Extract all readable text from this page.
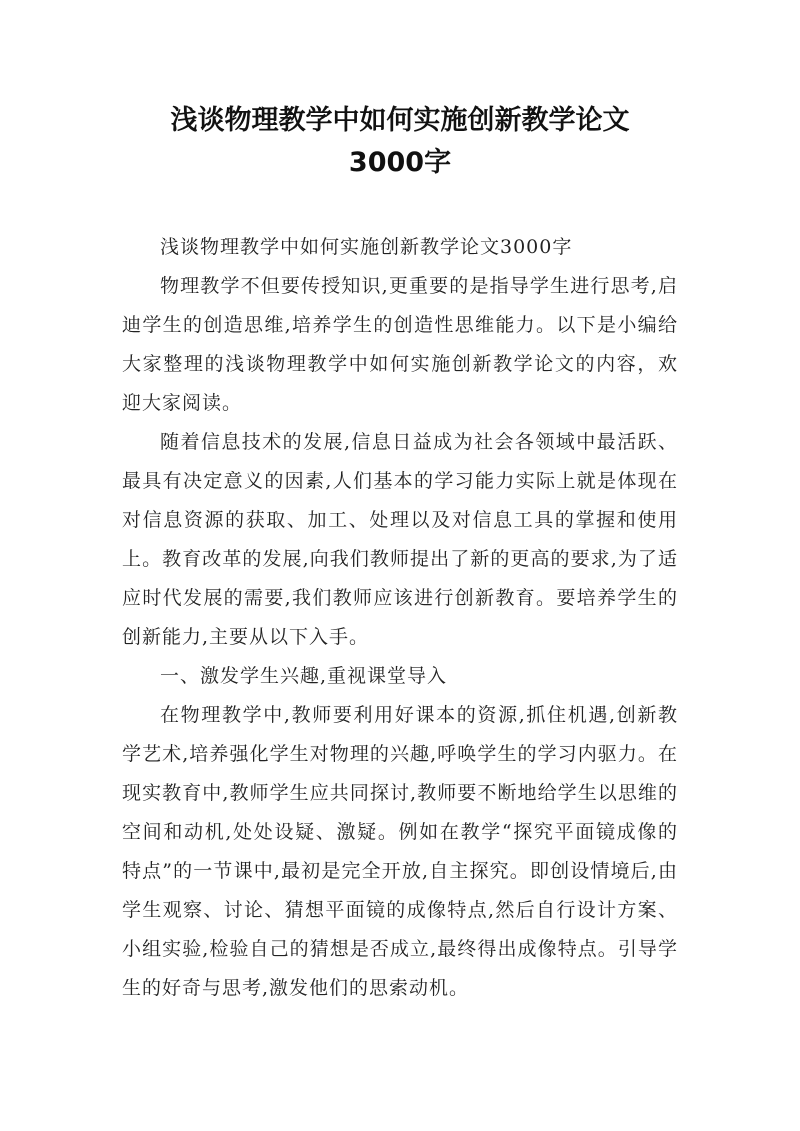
浅谈物理教学中如何实施创新教学论文
3000字

浅谈物理教学中如何实施创新教学论文3000字

物理教学不但要传授知识,更重要的是指导学生进行思考,启迪学生的创造思维,培养学生的创造性思维能力。以下是小编给大家整理的浅谈物理教学中如何实施创新教学论文的内容，欢迎大家阅读。

随着信息技术的发展,信息日益成为社会各领域中最活跃、最具有决定意义的因素,人们基本的学习能力实际上就是体现在对信息资源的获取、加工、处理以及对信息工具的掌握和使用上。教育改革的发展,向我们教师提出了新的更高的要求,为了适应时代发展的需要,我们教师应该进行创新教育。要培养学生的创新能力,主要从以下入手。

一、激发学生兴趣,重视课堂导入

在物理教学中,教师要利用好课本的资源,抓住机遇,创新教学艺术,培养强化学生对物理的兴趣,呼唤学生的学习内驱力。在现实教育中,教师学生应共同探讨,教师要不断地给学生以思维的空间和动机,处处设疑、激疑。例如在教学“探究平面镜成像的特点”的一节课中,最初是完全开放,自主探究。即创设情境后,由学生观察、讨论、猜想平面镜的成像特点,然后自行设计方案、小组实验,检验自己的猜想是否成立,最终得出成像特点。引导学生的好奇与思考,激发他们的思索动机。
